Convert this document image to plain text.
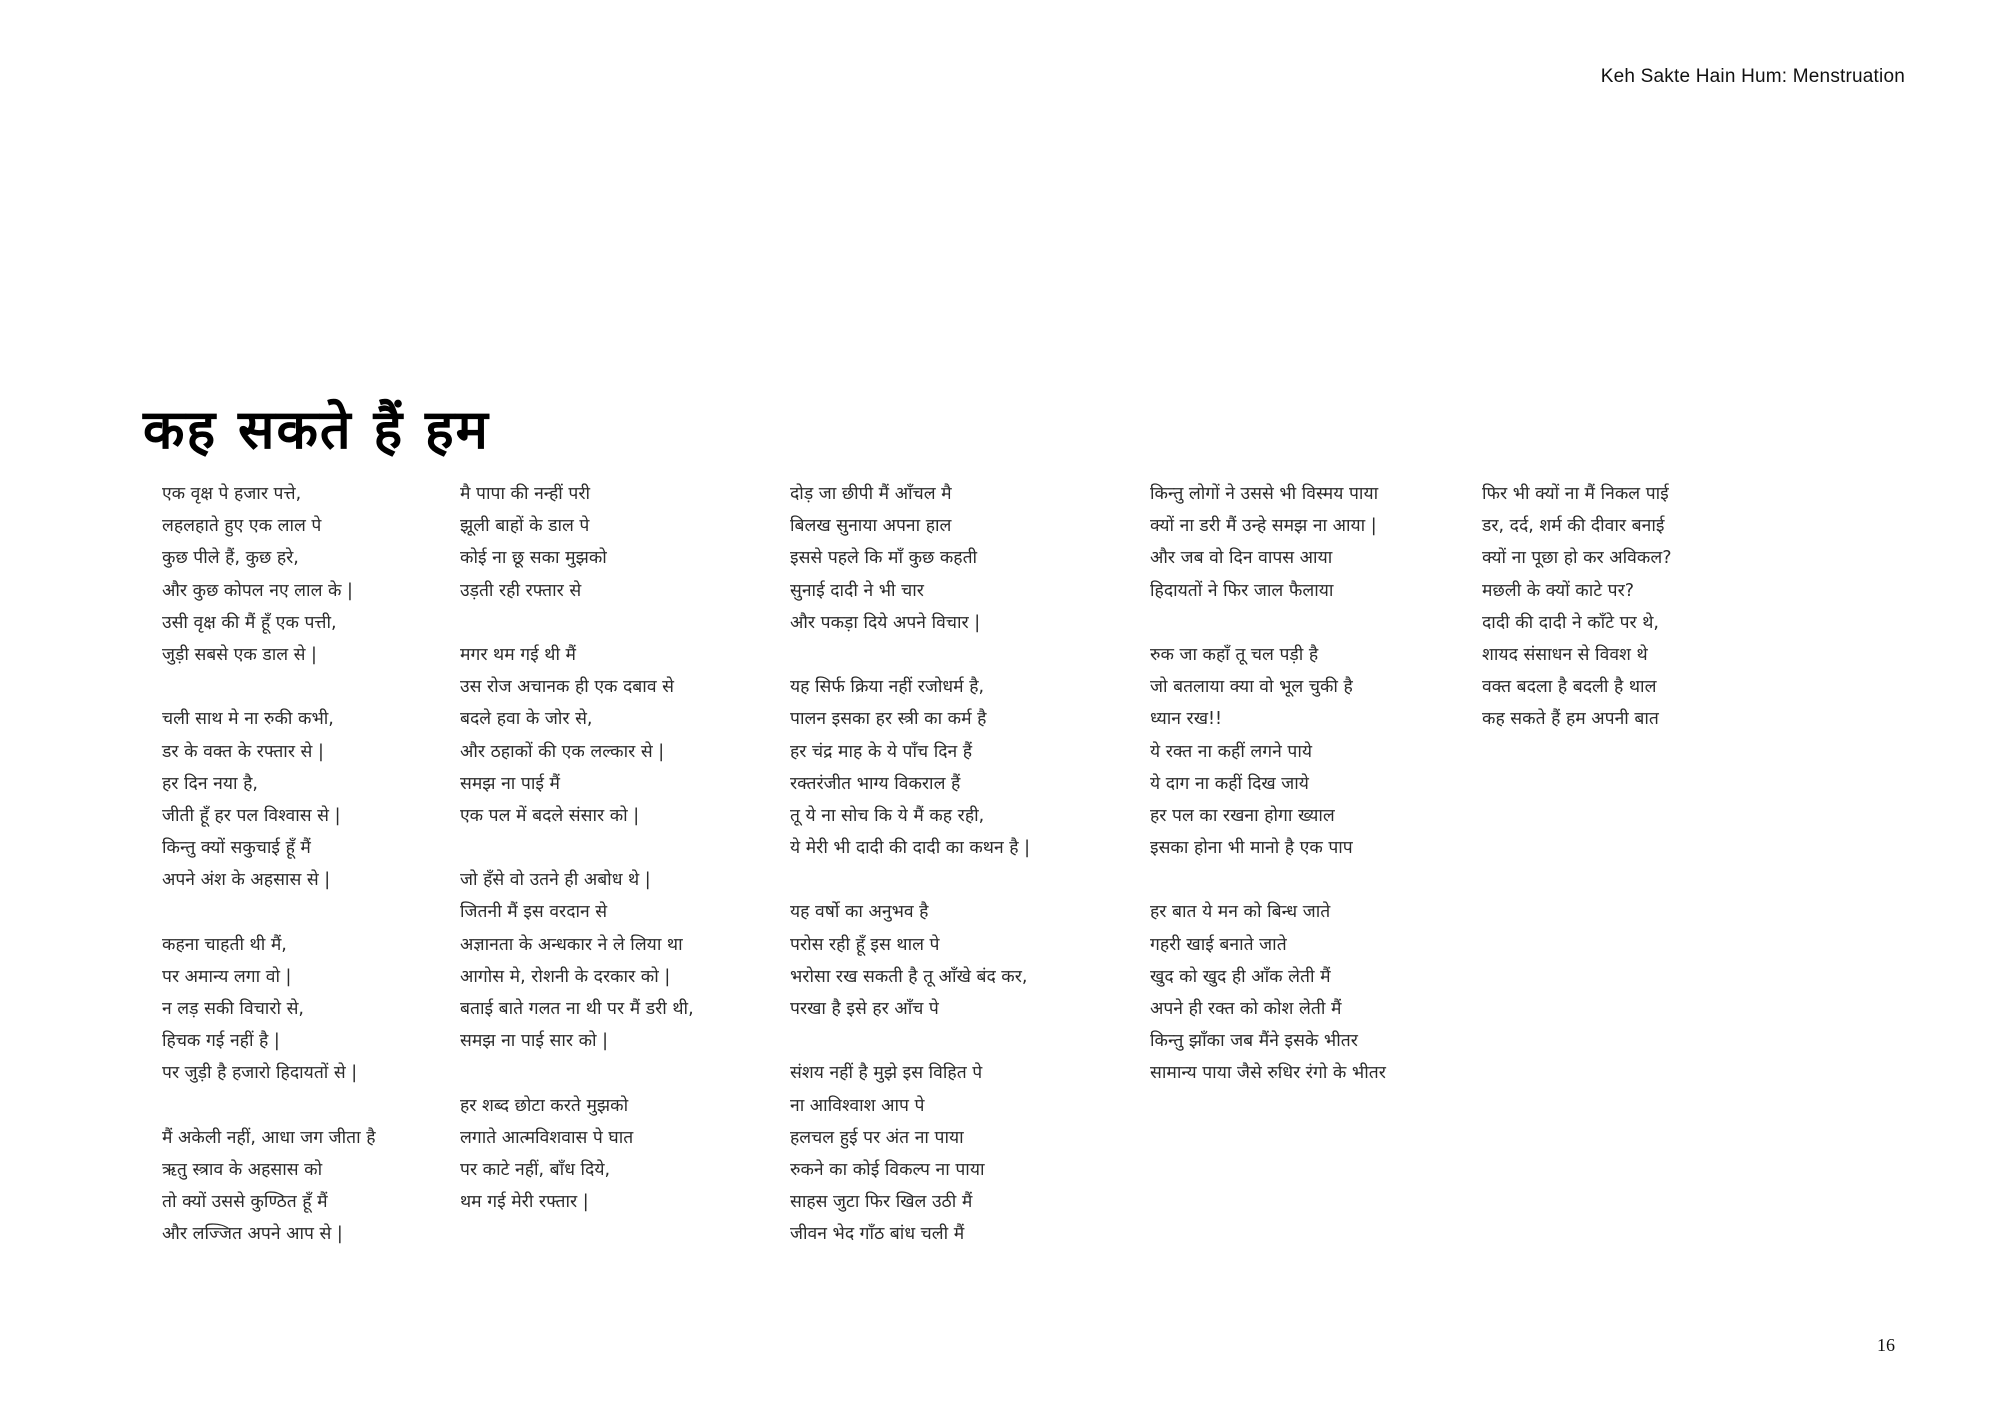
Keh Sakte Hain Hum: Menstruation
कह सकते हैं हम
एक वृक्ष पे हजार पत्ते,
लहलहाते हुए एक लाल पे
कुछ पीले हैं, कुछ हरे,
और कुछ कोपल नए लाल के |
उसी वृक्ष की मैं हूँ एक पत्ती,
जुड़ी सबसे एक डाल से |
चली साथ मे ना रुकी कभी,
डर के वक्त के रफ्तार से |
हर दिन नया है,
जीती हूँ हर पल विश्वास से |
किन्तु क्यों सकुचाई हूँ मैं
अपने अंश के अहसास से |
कहना चाहती थी मैं,
पर अमान्य लगा वो |
न लड़ सकी विचारो से,
हिचक गई नहीं है |
पर जुड़ी है हजारो हिदायतों से |
मैं अकेली नहीं, आधा जग जीता है
ऋतु स्त्राव के अहसास को
तो क्यों उससे कुण्ठित हूँ मैं
और लज्जित अपने आप से |
मै पापा की नन्हीं परी
झूली बाहों के डाल पे
कोई ना छू सका मुझको
उड़ती रही रफ्तार से
मगर थम गई थी मैं
उस रोज अचानक ही एक दबाव से
बदले हवा के जोर से,
और ठहाकों की एक लल्कार से |
समझ ना पाई मैं
एक पल में बदले संसार को |
जो हँसे वो उतने ही अबोध थे |
जितनी मैं इस वरदान से
अज्ञानता के अन्धकार ने ले लिया था
आगोस मे, रोशनी के दरकार को |
बताई बाते गलत ना थी पर मैं डरी थी,
समझ ना पाई सार को |
हर शब्द छोटा करते मुझको
लगाते आत्मविशवास पे घात
पर काटे नहीं, बाँध दिये,
थम गई मेरी रफ्तार |
दोड़ जा छीपी मैं आँचल मै
बिलख सुनाया अपना हाल
इससे पहले कि माँ कुछ कहती
सुनाई दादी ने भी चार
और पकड़ा दिये अपने विचार |
यह सिर्फ क्रिया नहीं रजोधर्म है,
पालन इसका हर स्त्री का कर्म है
हर चंद्र माह के ये पाँच दिन हैं
रक्तरंजीत भाग्य विकराल हैं
तू ये ना सोच कि ये मैं कह रही,
ये मेरी भी दादी की दादी का कथन है |
यह वर्षो का अनुभव है
परोस रही हूँ इस थाल पे
भरोसा रख सकती है तू आँखे बंद कर,
परखा है इसे हर आँच पे
संशय नहीं है मुझे इस विहित पे
ना आविश्वाश आप पे
हलचल हुई पर अंत ना पाया
रुकने का कोई विकल्प ना पाया
साहस जुटा फिर खिल उठी मैं
जीवन भेद गाँठ बांध चली मैं
किन्तु लोगों ने उससे भी विस्मय पाया
क्यों ना डरी मैं उन्हे समझ ना आया |
और जब वो दिन वापस आया
हिदायतों ने फिर जाल फैलाया
रुक जा कहाँ तू चल पड़ी है
जो बतलाया क्या वो भूल चुकी है
ध्यान रख!!
ये रक्त ना कहीं लगने पाये
ये दाग ना कहीं दिख जाये
हर पल का रखना होगा ख्याल
इसका होना भी मानो है एक पाप
हर बात ये मन को बिन्ध जाते
गहरी खाई बनाते जाते
खुद को खुद ही आँक लेती मैं
अपने ही रक्त को कोश लेती मैं
किन्तु झाँका जब मैंने इसके भीतर
सामान्य पाया जैसे रुधिर रंगो के भीतर
फिर भी क्यों ना मैं निकल पाई
डर, दर्द, शर्म की दीवार बनाई
क्यों ना पूछा हो कर अविकल?
मछली के क्यों काटे पर?
दादी की दादी ने काँटे पर थे,
शायद संसाधन से विवश थे
वक्त बदला है बदली है थाल
कह सकते हैं हम अपनी बात
16
